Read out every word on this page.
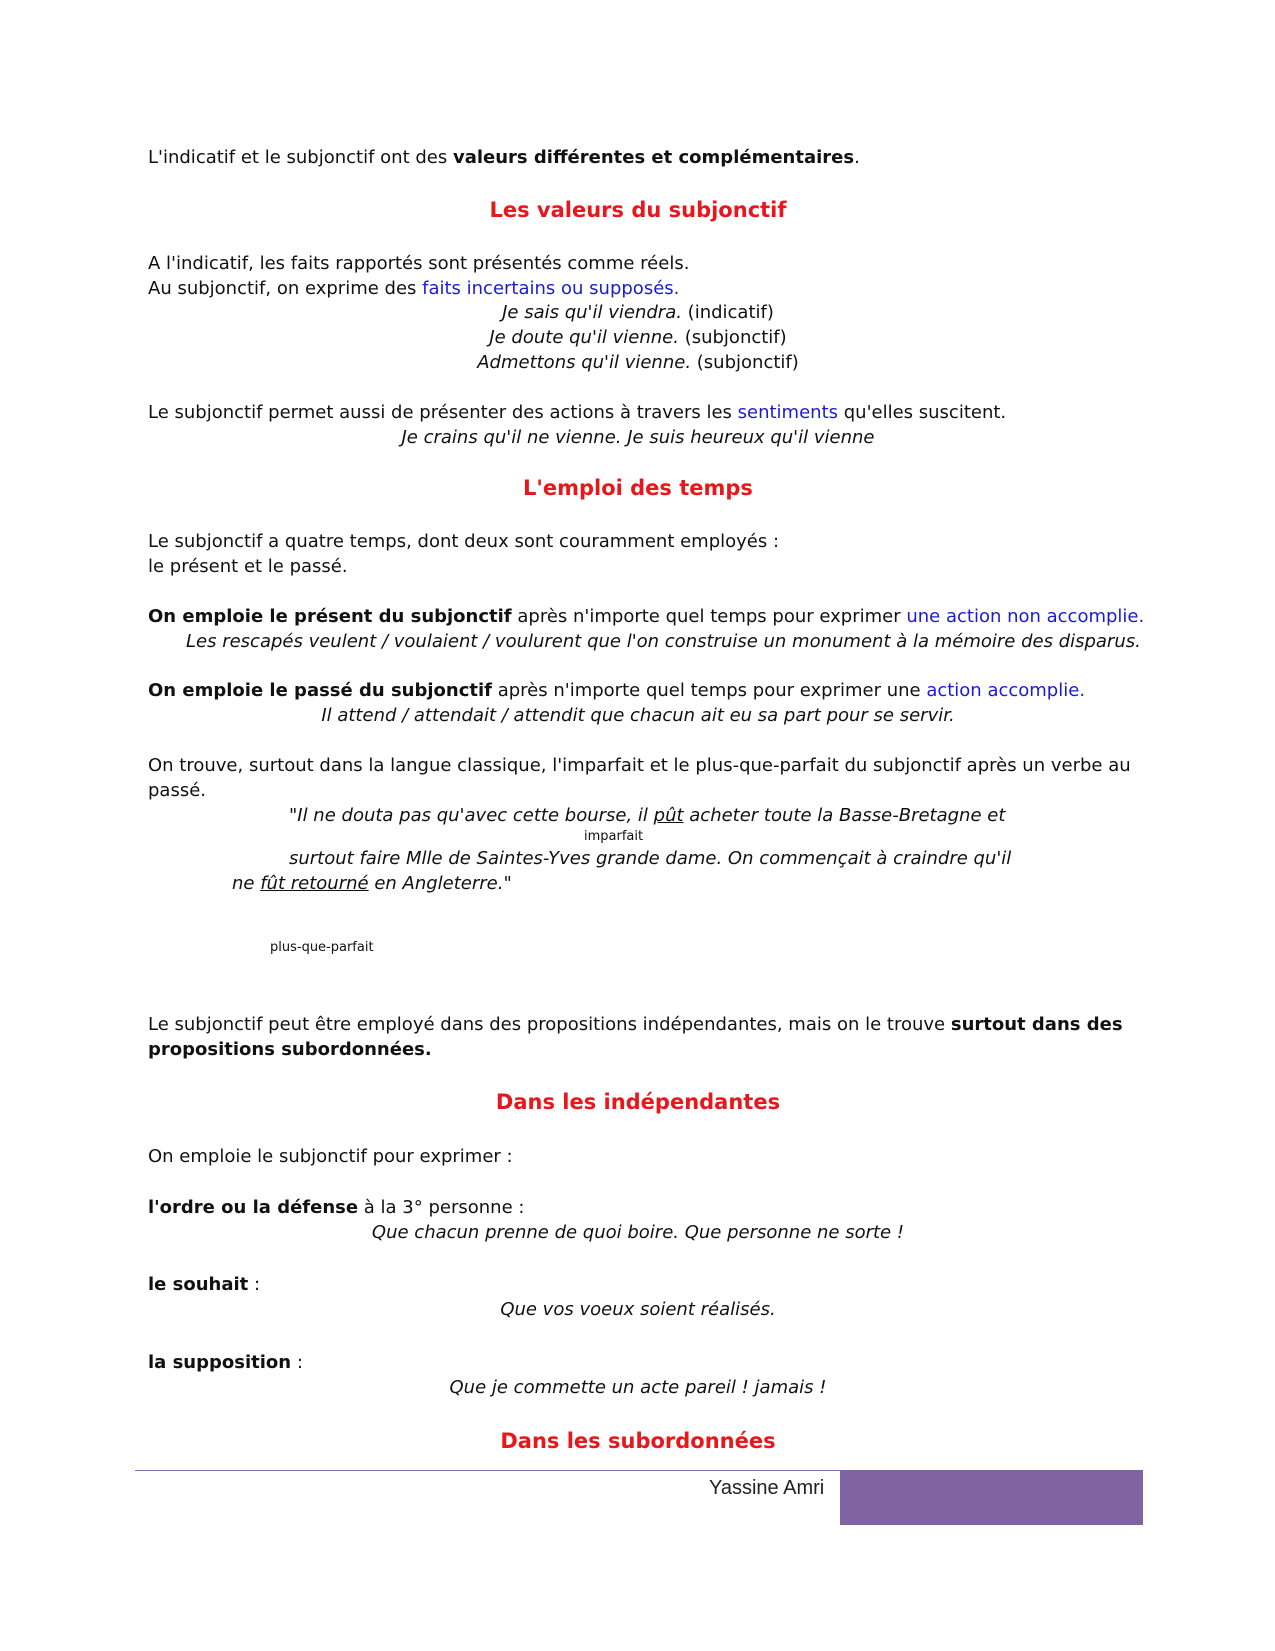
L'indicatif et le subjonctif ont des valeurs différentes et complémentaires.
Les valeurs du subjonctif
A l'indicatif, les faits rapportés sont présentés comme réels.
Au subjonctif, on exprime des faits incertains ou supposés.
Je sais qu'il viendra. (indicatif)
Je doute qu'il vienne. (subjonctif)
Admettons qu'il vienne. (subjonctif)
Le subjonctif permet aussi de présenter des actions à travers les sentiments qu'elles suscitent.
Je crains qu'il ne vienne. Je suis heureux qu'il vienne
L'emploi des temps
Le subjonctif a quatre temps, dont deux sont couramment employés :
le présent et le passé.
On emploie le présent du subjonctif après n'importe quel temps pour exprimer une action non accomplie.
Les rescapés veulent / voulaient / voulurent que l'on construise un monument à la mémoire des disparus.
On emploie le passé du subjonctif après n'importe quel temps pour exprimer une action accomplie.
Il attend / attendait / attendit que chacun ait eu sa part pour se servir.
On trouve, surtout dans la langue classique, l'imparfait et le plus-que-parfait du subjonctif après un verbe au
passé.
"Il ne douta pas qu'avec cette bourse, il pût acheter toute la Basse-Bretagne et
imparfait
surtout faire Mlle de Saintes-Yves grande dame. On commençait à craindre qu'il
ne fût retourné en Angleterre."
plus-que-parfait
Le subjonctif peut être employé dans des propositions indépendantes, mais on le trouve surtout dans des
propositions subordonnées.
Dans les indépendantes
On emploie le subjonctif pour exprimer :
l'ordre ou la défense à la 3° personne :
Que chacun prenne de quoi boire. Que personne ne sorte !
le souhait :
Que vos voeux soient réalisés.
la supposition :
Que je commette un acte pareil ! jamais !
Dans les subordonnées
Yassine Amri
